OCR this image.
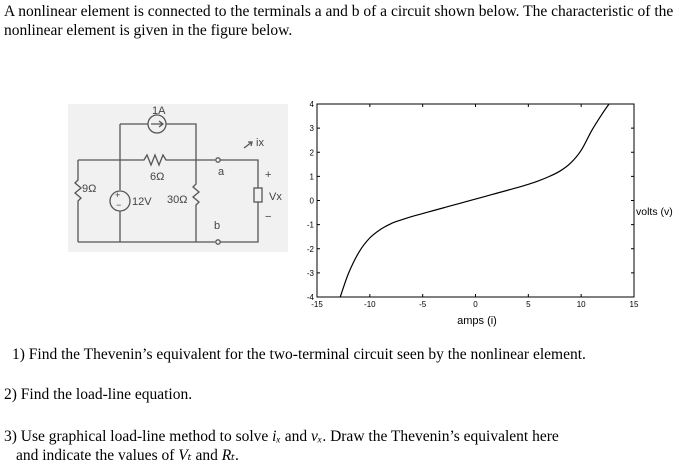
A nonlinear element is connected to the terminals a and b of a circuit shown below. The characteristic of the nonlinear element is given in the figure below.
1A
6Ω
9Ω
12V 30Ω
a
b
ix
+
Vx
−
+
−
-15	-10	-5	0	5	10	15
-4
-3
-2
-1
0
1
2
3
4
amps (i)
volts (v)
1) Find the Thevenin’s equivalent for the two-terminal circuit seen by the nonlinear element.
2) Find the load-line equation.
3) Use graphical load-line method to solve iₓ and vₓ. Draw the Thevenin’s equivalent here
and indicate the values of Vₜ and Rₜ.
